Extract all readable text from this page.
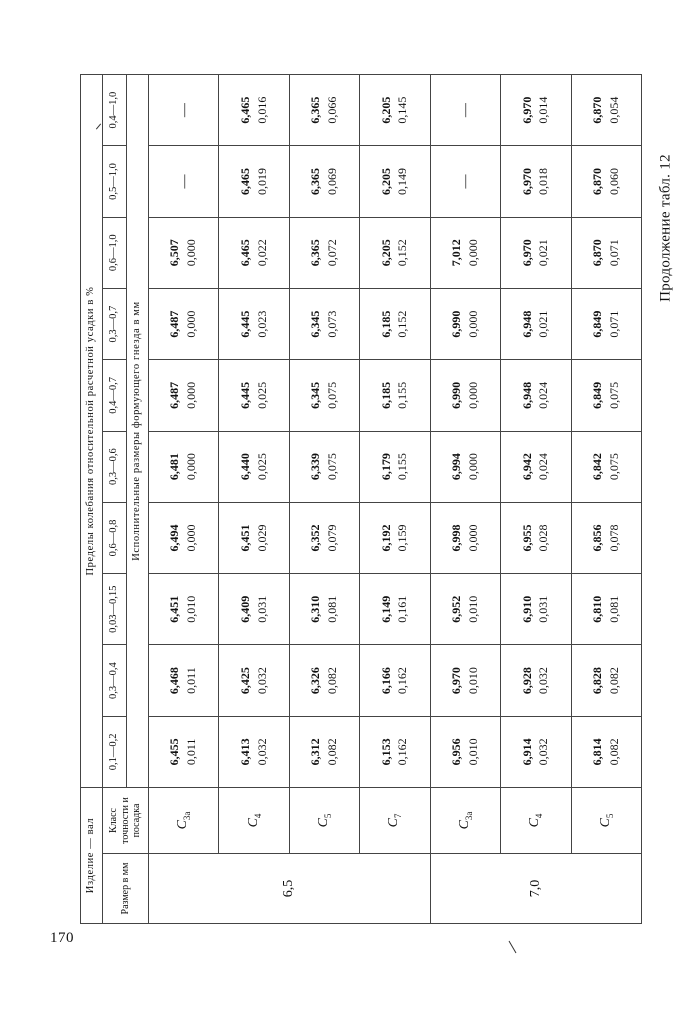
170
Продолжение табл. 12
Изделие — вал		Пределы колебания относительной расчетной усадки в %									
Размер в мм	Класс точности и посадка	0,1—0,2	0,3—0,4	0,03—0,15	0,6—0,8	0,3—0,6	0,4—0,7	0,3—0,7	0,6—1,0	0,5—1,0	0,4—1,0
		Исполнительные размеры формующего гнезда в мм									
6,5	$C_{3а}$	6,455 0,011	6,468 0,011	6,451 0,010	6,494 0,000	6,481 0,000	6,487 0,000	6,487 0,000	6,507 0,000	—	—
	$C_4$	6,413 0,032	6,425 0,032	6,409 0,031	6,451 0,029	6,440 0,025	6,445 0,025	6,445 0,023	6,465 0,022	6,465 0,019	6,465 0,016

	$C_5$	6,312 0,082	6,326 0,082	6,310 0,081	6,352 0,079	6,339 0,075	6,345 0,075	6,345 0,073	6,365 0,072	6,365 0,069	6,365 0,066

	$C_7$	6,153 0,162	6,166 0,162	6,149 0,161	6,192 0,159	6,179 0,155	6,185 0,155	6,185 0,152	6,205 0,152	6,205 0,149	6,205 0,145

7,0	$C_{3а}$	6,956 0,010	6,970 0,010	6,952 0,010	6,998 0,000	6,994 0,000	6,990 0,000	6,990 0,000	7,012 0,000	—	—
	$C_4$	6,914 0,032	6,928 0,032	6,910 0,031	6,955 0,028	6,942 0,024	6,948 0,024	6,948 0,021	6,970 0,021	6,970 0,018	6,970 0,014

	$C_5$	6,814 0,082	6,828 0,082	6,810 0,081	6,856 0,078	6,842 0,075	6,849 0,075	6,849 0,071	6,870 0,071	6,870 0,060	6,870 0,054
